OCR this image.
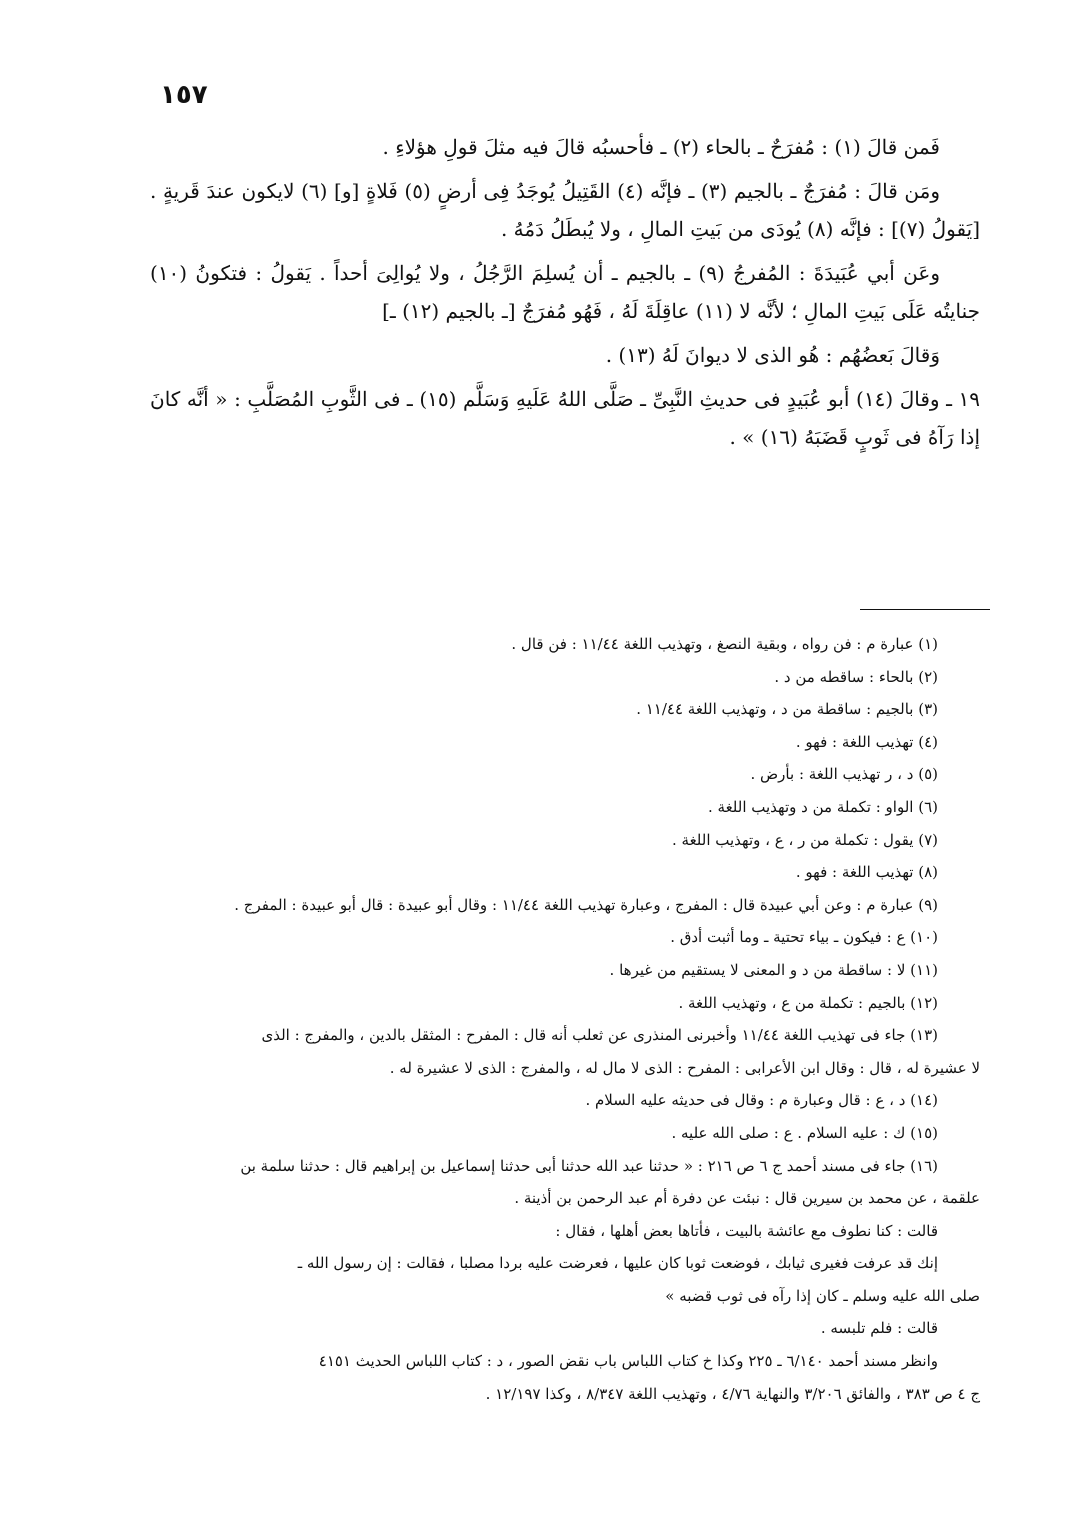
١٥٧

فَمن قالَ (١) : مُفرَحٌ ـ بالحاء (٢) ـ فأحسبُه قالَ فيه مثلَ قولِ هؤلاءِ .

ومَن قالَ : مُفرَجٌ ـ بالجيم (٣) ـ فإنَّه (٤) القَتِيلُ يُوجَدُ فِى أرضٍ (٥) فَلاةٍ [و] (٦) لايكون عندَ قَريةٍ . [يَقولُ (٧)] : فإنَّه (٨) يُودَى من بَيتِ المالِ ، ولا يُبطَلُ دَمُهُ .

وعَن أبي عُبَيدَةَ : المُفرجُ (٩) ـ بالجيم ـ أن يُسلِمَ الرَّجُلُ ، ولا يُوالِىَ أحداً . يَقولُ : فتكونُ (١٠) جنايتُه عَلَى بَيتِ المالِ ؛ لأنَّه لا (١١) عاقِلَةَ لَهُ ، فَهُو مُفرَجٌ [ـ بالجيم (١٢) ـ]

وَقالَ بَعضُهُم : هُو الذى لا ديوانَ لَهُ (١٣) .

١٩ ـ وقالَ (١٤) أبو عُبَيدٍ فى حديثِ النَّبِىِّ ـ صَلَّى اللهُ عَلَيهِ وَسَلَّم (١٥) ـ فى الثَّوبِ المُصَلَّبِ : « أنَّه كانَ إذا رَآهُ فى ثَوبٍ قَضَبَهُ (١٦) » .

(١) عبارة م : فن رواه ، وبقية النصغ ، وتهذيب اللغة ١١/٤٤ : فن قال .

(٢) بالحاء : ساقطه من د .

(٣) بالجيم : ساقطة من د ، وتهذيب اللغة ١١/٤٤ .

(٤) تهذيب اللغة : فهو .

(٥) د ، ر تهذيب اللغة : بأرض .

(٦) الواو : تكملة من د وتهذيب اللغة .

(٧) يقول : تكملة من ر ، ع ، وتهذيب اللغة .

(٨) تهذيب اللغة : فهو .

(٩) عبارة م : وعن أبي عبيدة قال : المفرج ، وعبارة تهذيب اللغة ١١/٤٤ : وقال أبو عبيدة : قال أبو عبيدة : المفرج .

(١٠) ع : فيكون ـ بياء تحتية ـ وما أثبت أدق .

(١١) لا : ساقطة من د و المعنى لا يستقيم من غيرها .

(١٢) بالجيم : تكملة من ع ، وتهذيب اللغة .

(١٣) جاء فى تهذيب اللغة ١١/٤٤ وأخبرنى المنذرى عن ثعلب أنه قال : المفرح : المثقل بالدين ، والمفرج : الذى

لا عشيرة له ، قال : وقال ابن الأعرابى : المفرح : الذى لا مال له ، والمفرج : الذى لا عشيرة له .

(١٤) د ، ع : قال وعبارة م : وقال فى حديثه عليه السلام .

(١٥) ك : عليه السلام . ع : صلى الله عليه .

(١٦) جاء فى مسند أحمد ج ٦ ص ٢١٦ : « حدثنا عبد الله حدثنا أبى حدثنا إسماعيل بن إبراهيم قال : حدثنا سلمة بن

علقمة ، عن محمد بن سيرين قال : نبئت عن دفرة أم عبد الرحمن بن أذينة .

قالت : كنا نطوف مع عائشة بالبيت ، فأتاها بعض أهلها ، فقال :

إنك قد عرفت فغيرى ثيابك ، فوضعت ثوبا كان عليها ، فعرضت عليه بردا مصلبا ، فقالت : إن رسول الله ـ

صلى الله عليه وسلم ـ كان إذا رآه فى ثوب قضبه »

قالت : فلم تلبسه .

وانظر مسند أحمد ٦/١٤٠ ـ ٢٢٥ وكذا خ كتاب اللباس باب نقض الصور ، د : كتاب اللباس الحديث ٤١٥١

ج ٤ ص ٣٨٣ ، والفائق ٣/٢٠٦ والنهاية ٤/٧٦ ، وتهذيب اللغة ٨/٣٤٧ ، وكذا ١٢/١٩٧ .
